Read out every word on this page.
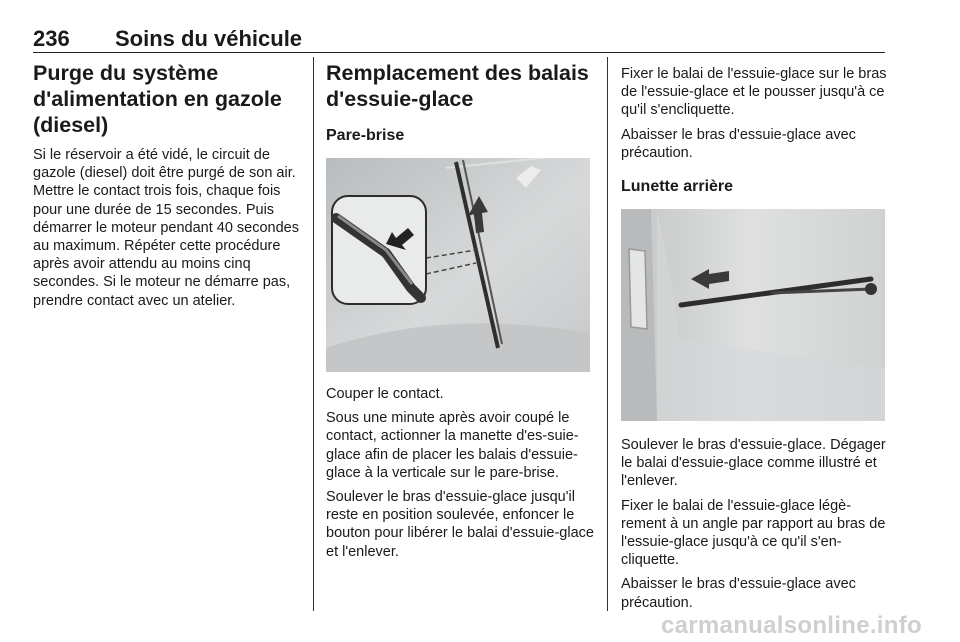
236 Soins du véhicule
Purge du système d'alimentation en gazole (diesel)

Si le réservoir a été vidé, le circuit de gazole (diesel) doit être purgé de son air. Mettre le contact trois fois, chaque fois pour une durée de 15 secondes. Puis démarrer le moteur pendant 40 secondes au maximum. Répéter cette procédure après avoir attendu au moins cinq secondes. Si le moteur ne démarre pas, prendre contact avec un atelier.

Remplacement des balais d'essuie-glace
Pare-brise

Couper le contact.

Sous une minute après avoir coupé le contact, actionner la manette d'es-suie-glace afin de placer les balais d'essuie-glace à la verticale sur le pare-brise.

Soulever le bras d'essuie-glace jusqu'il reste en position soulevée, enfoncer le bouton pour libérer le balai d'essuie-glace et l'enlever.

Fixer le balai de l'essuie-glace sur le bras de l'essuie-glace et le pousser jusqu'à ce qu'il s'encliquette.

Abaisser le bras d'essuie-glace avec précaution.

Lunette arrière

Soulever le bras d'essuie-glace. Dégager le balai d'essuie-glace comme illustré et l'enlever.

Fixer le balai de l'essuie-glace légè-rement à un angle par rapport au bras de l'essuie-glace jusqu'à ce qu'il s'en-cliquette.

Abaisser le bras d'essuie-glace avec précaution.

carmanualsonline.info
